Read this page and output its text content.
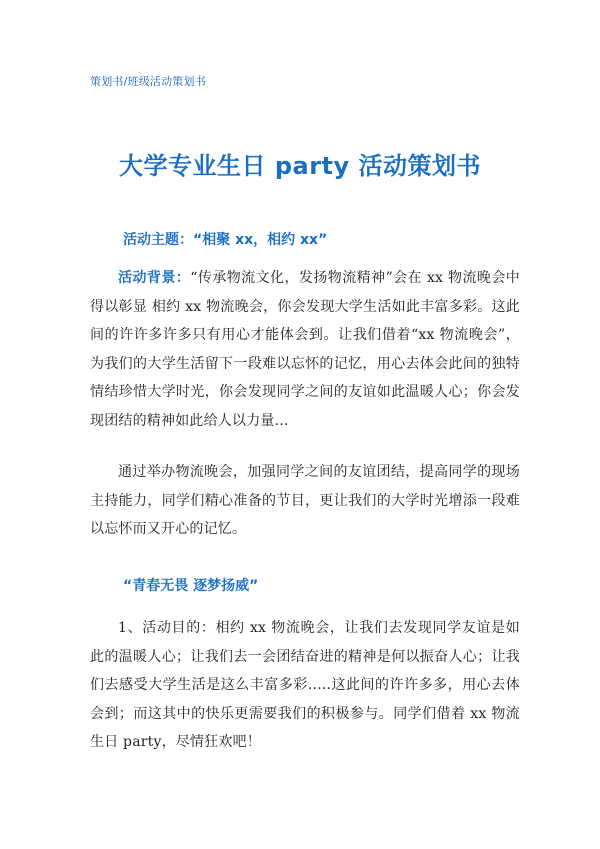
策划书/班级活动策划书
大学专业生日 party 活动策划书
活动主题：“相聚 xx，相约 xx”
活动背景：“传承物流文化，发扬物流精神”会在 xx 物流晚会中得以彰显 相约 xx 物流晚会，你会发现大学生活如此丰富多彩。这此间的许许多许多只有用心才能体会到。让我们借着“xx 物流晚会”，为我们的大学生活留下一段难以忘怀的记忆，用心去体会此间的独特情结珍惜大学时光，你会发现同学之间的友谊如此温暖人心；你会发现团结的精神如此给人以力量...
通过举办物流晚会，加强同学之间的友谊团结，提高同学的现场主持能力，同学们精心准备的节目，更让我们的大学时光增添一段难以忘怀而又开心的记忆。
“青春无畏 逐梦扬威”
1、活动目的：相约 xx 物流晚会，让我们去发现同学友谊是如此的温暖人心；让我们去一会团结奋进的精神是何以振奋人心；让我们去感受大学生活是这么丰富多彩.....这此间的许许多多，用心去体会到；而这其中的快乐更需要我们的积极参与。同学们借着 xx 物流生日 party，尽情狂欢吧！
